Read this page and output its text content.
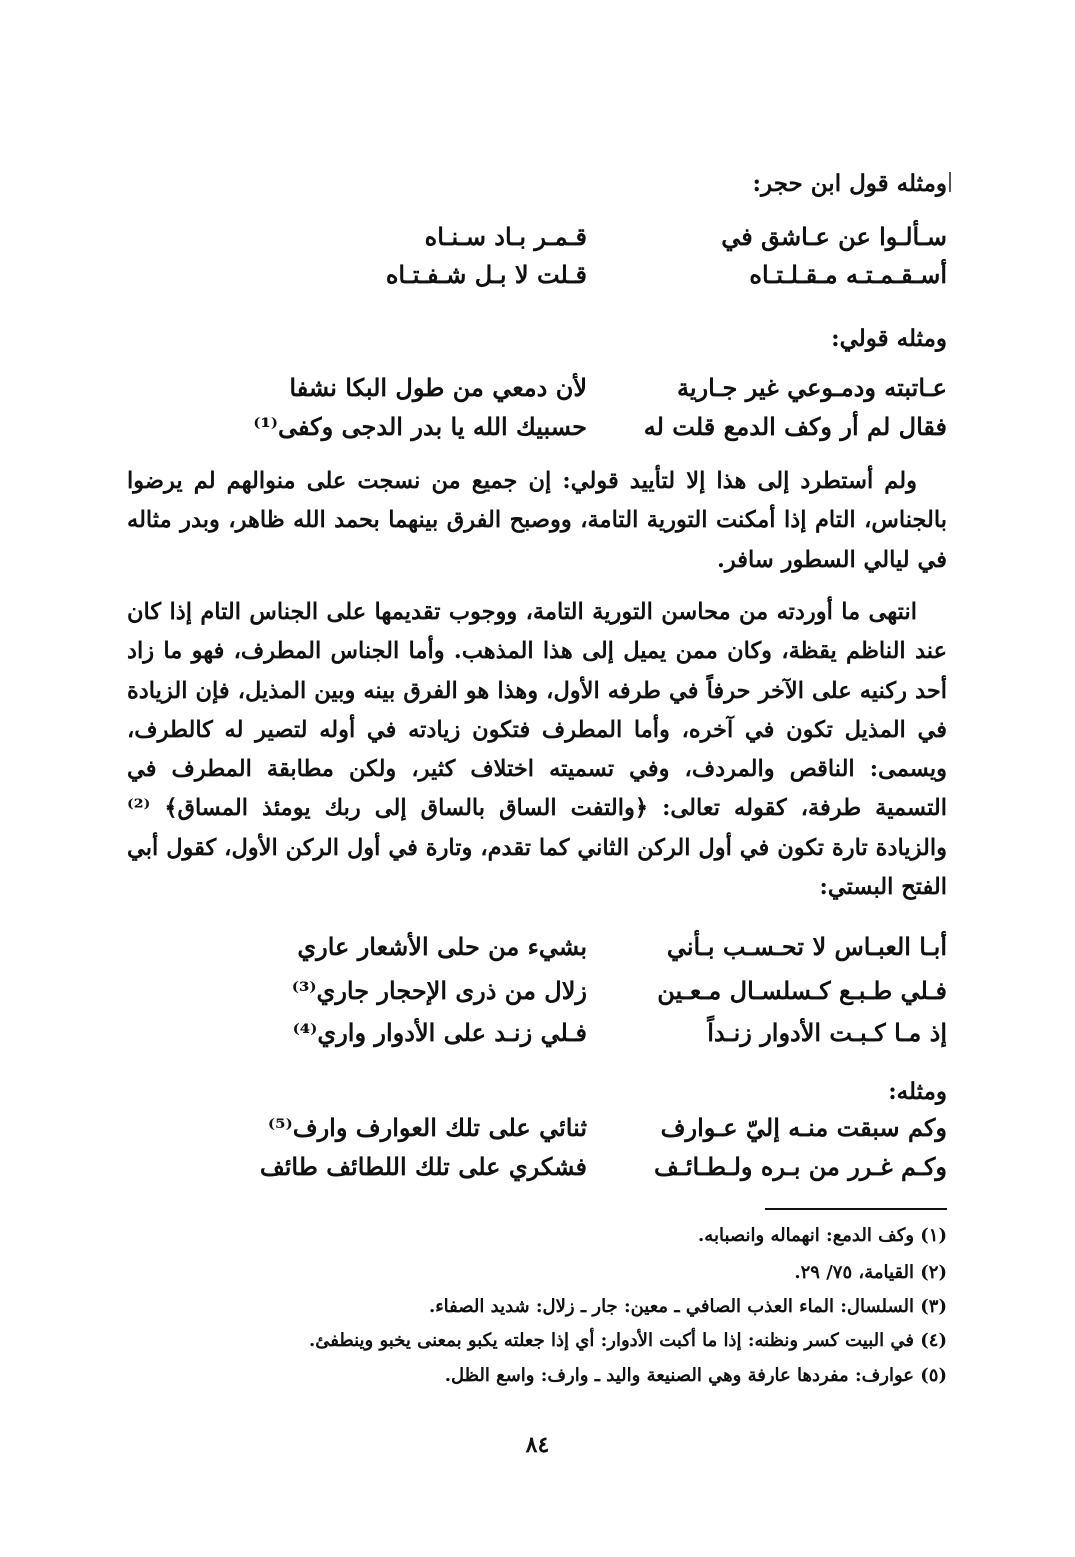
ومثله قول ابن حجر:
سـألـوا عن عـاشق في
قـمـر بـاد سـنـاه
أسـقـمـتـه مـقـلـتـاه
قـلت لا بـل شـفـتـاه
ومثله قولي:
عـاتبته ودمـوعي غير جـارية
لأن دمعي من طول البكا نشفا
فقال لم أر وكف الدمع قلت له
حسبيك الله يا بدر الدجى وكفى⁽¹⁾
ولم أستطرد إلى هذا إلا لتأييد قولي: إن جميع من نسجت على منوالهم لم يرضوا بالجناس، التام إذا أمكنت التورية التامة، ووصبح الفرق بينهما بحمد الله ظاهر، وبدر مثاله في ليالي السطور سافر.
انتهى ما أوردته من محاسن التورية التامة، ووجوب تقديمها على الجناس التام إذا كان عند الناظم يقظة، وكان ممن يميل إلى هذا المذهب. وأما الجناس المطرف، فهو ما زاد أحد ركنيه على الآخر حرفاً في طرفه الأول، وهذا هو الفرق بينه وبين المذيل، فإن الزيادة في المذيل تكون في آخره، وأما المطرف فتكون زيادته في أوله لتصير له كالطرف، ويسمى: الناقص والمردف، وفي تسميته اختلاف كثير، ولكن مطابقة المطرف في التسمية طرفة، كقوله تعالى: ﴿والتفت الساق بالساق إلى ربك يومئذ المساق﴾ ⁽²⁾ والزيادة تارة تكون في أول الركن الثاني كما تقدم، وتارة في أول الركن الأول، كقول أبي الفتح البستي:
أبـا العبـاس لا تحـسـب بـأني
بشيء من حلى الأشعار عاري
فـلي طـبـع كـسلسـال مـعـين
زلال من ذرى الإحجار جاري⁽³⁾
إذ مـا كـبـت الأدوار زنـداً
فـلي زنـد على الأدوار واري⁽⁴⁾
ومثله:
وكم سبقت منـه إليّ عـوارف
ثنائي على تلك العوارف وارف⁽⁵⁾
وكـم غـرر من بـره ولـطـائـف
فشكري على تلك اللطائف طائف
(١) وكف الدمع: انهماله وانصبابه.
(٢) القيامة، ٧٥/ ٢٩.
(٣) السلسال: الماء العذب الصافي ـ معين: جار ـ زلال: شديد الصفاء.
(٤) في البيت كسر ونظنه: إذا ما أكبت الأدوار: أي إذا جعلته يكبو بمعنى يخبو وينطفئ.
(٥) عوارف: مفردها عارفة وهي الصنيعة واليد ـ وارف: واسع الظل.
٨٤
